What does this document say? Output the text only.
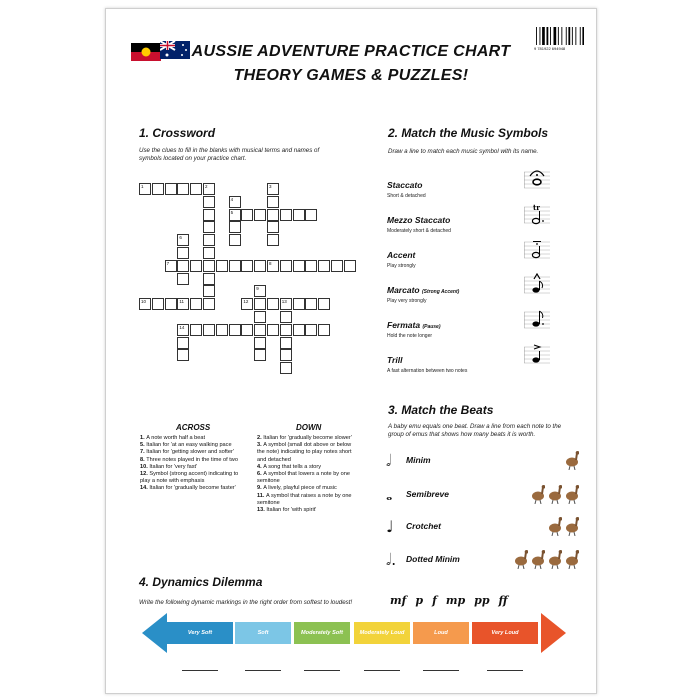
AUSSIE ADVENTURE PRACTICE CHART
THEORY GAMES & PUZZLES!
9 781922 694948
1. Crossword
Use the clues to fill in the blanks with musical terms and names of symbols located on your practice chart.
1	2	3
4
5
6
7	8
10	11
9
12	13
14
ACROSS	DOWN
1. A note worth half a beat
5. Italian for 'at an easy walking pace
7. Italian for 'getting slower and softer'
8. Three notes played in the time of two
10. Italian for 'very fast'
12. Symbol (strong accent) indicating to play a note with emphasis
14. Italian for 'gradually become faster'
2. Italian for 'gradually become slower'
3. A symbol (small dot above or below the note) indicating to play notes short and detached
4. A song that tells a story
6. A symbol that lowers a note by one semitone
9. A lively, playful piece of music
11. A symbol that raises a note by one semitone
13. Italian for 'with spirit'
2. Match the Music Symbols
Draw a line to match each music symbol with its name.
Staccato
Short & detached
Mezzo Staccato
Moderately short & detached
tr
Accent
Play strongly
Marcato (Strong Accent)
Play very strongly
Fermata (Pause)
Hold the note longer
Trill
A fast alternation between two notes
3. Match the Beats
A baby emu equals one beat. Draw a line from each note to the group of emus that shows how many beats it is worth.
𝅗𝅥 Minim
𝅝 Semibreve
♩ Crotchet
𝅗𝅥. Dotted Minim
4. Dynamics Dilemma
Write the following dynamic markings in the right order from softest to loudest!	mf p f mp pp ff
Very Soft	Soft	Moderately Soft	Moderately Loud	Loud	Very Loud
